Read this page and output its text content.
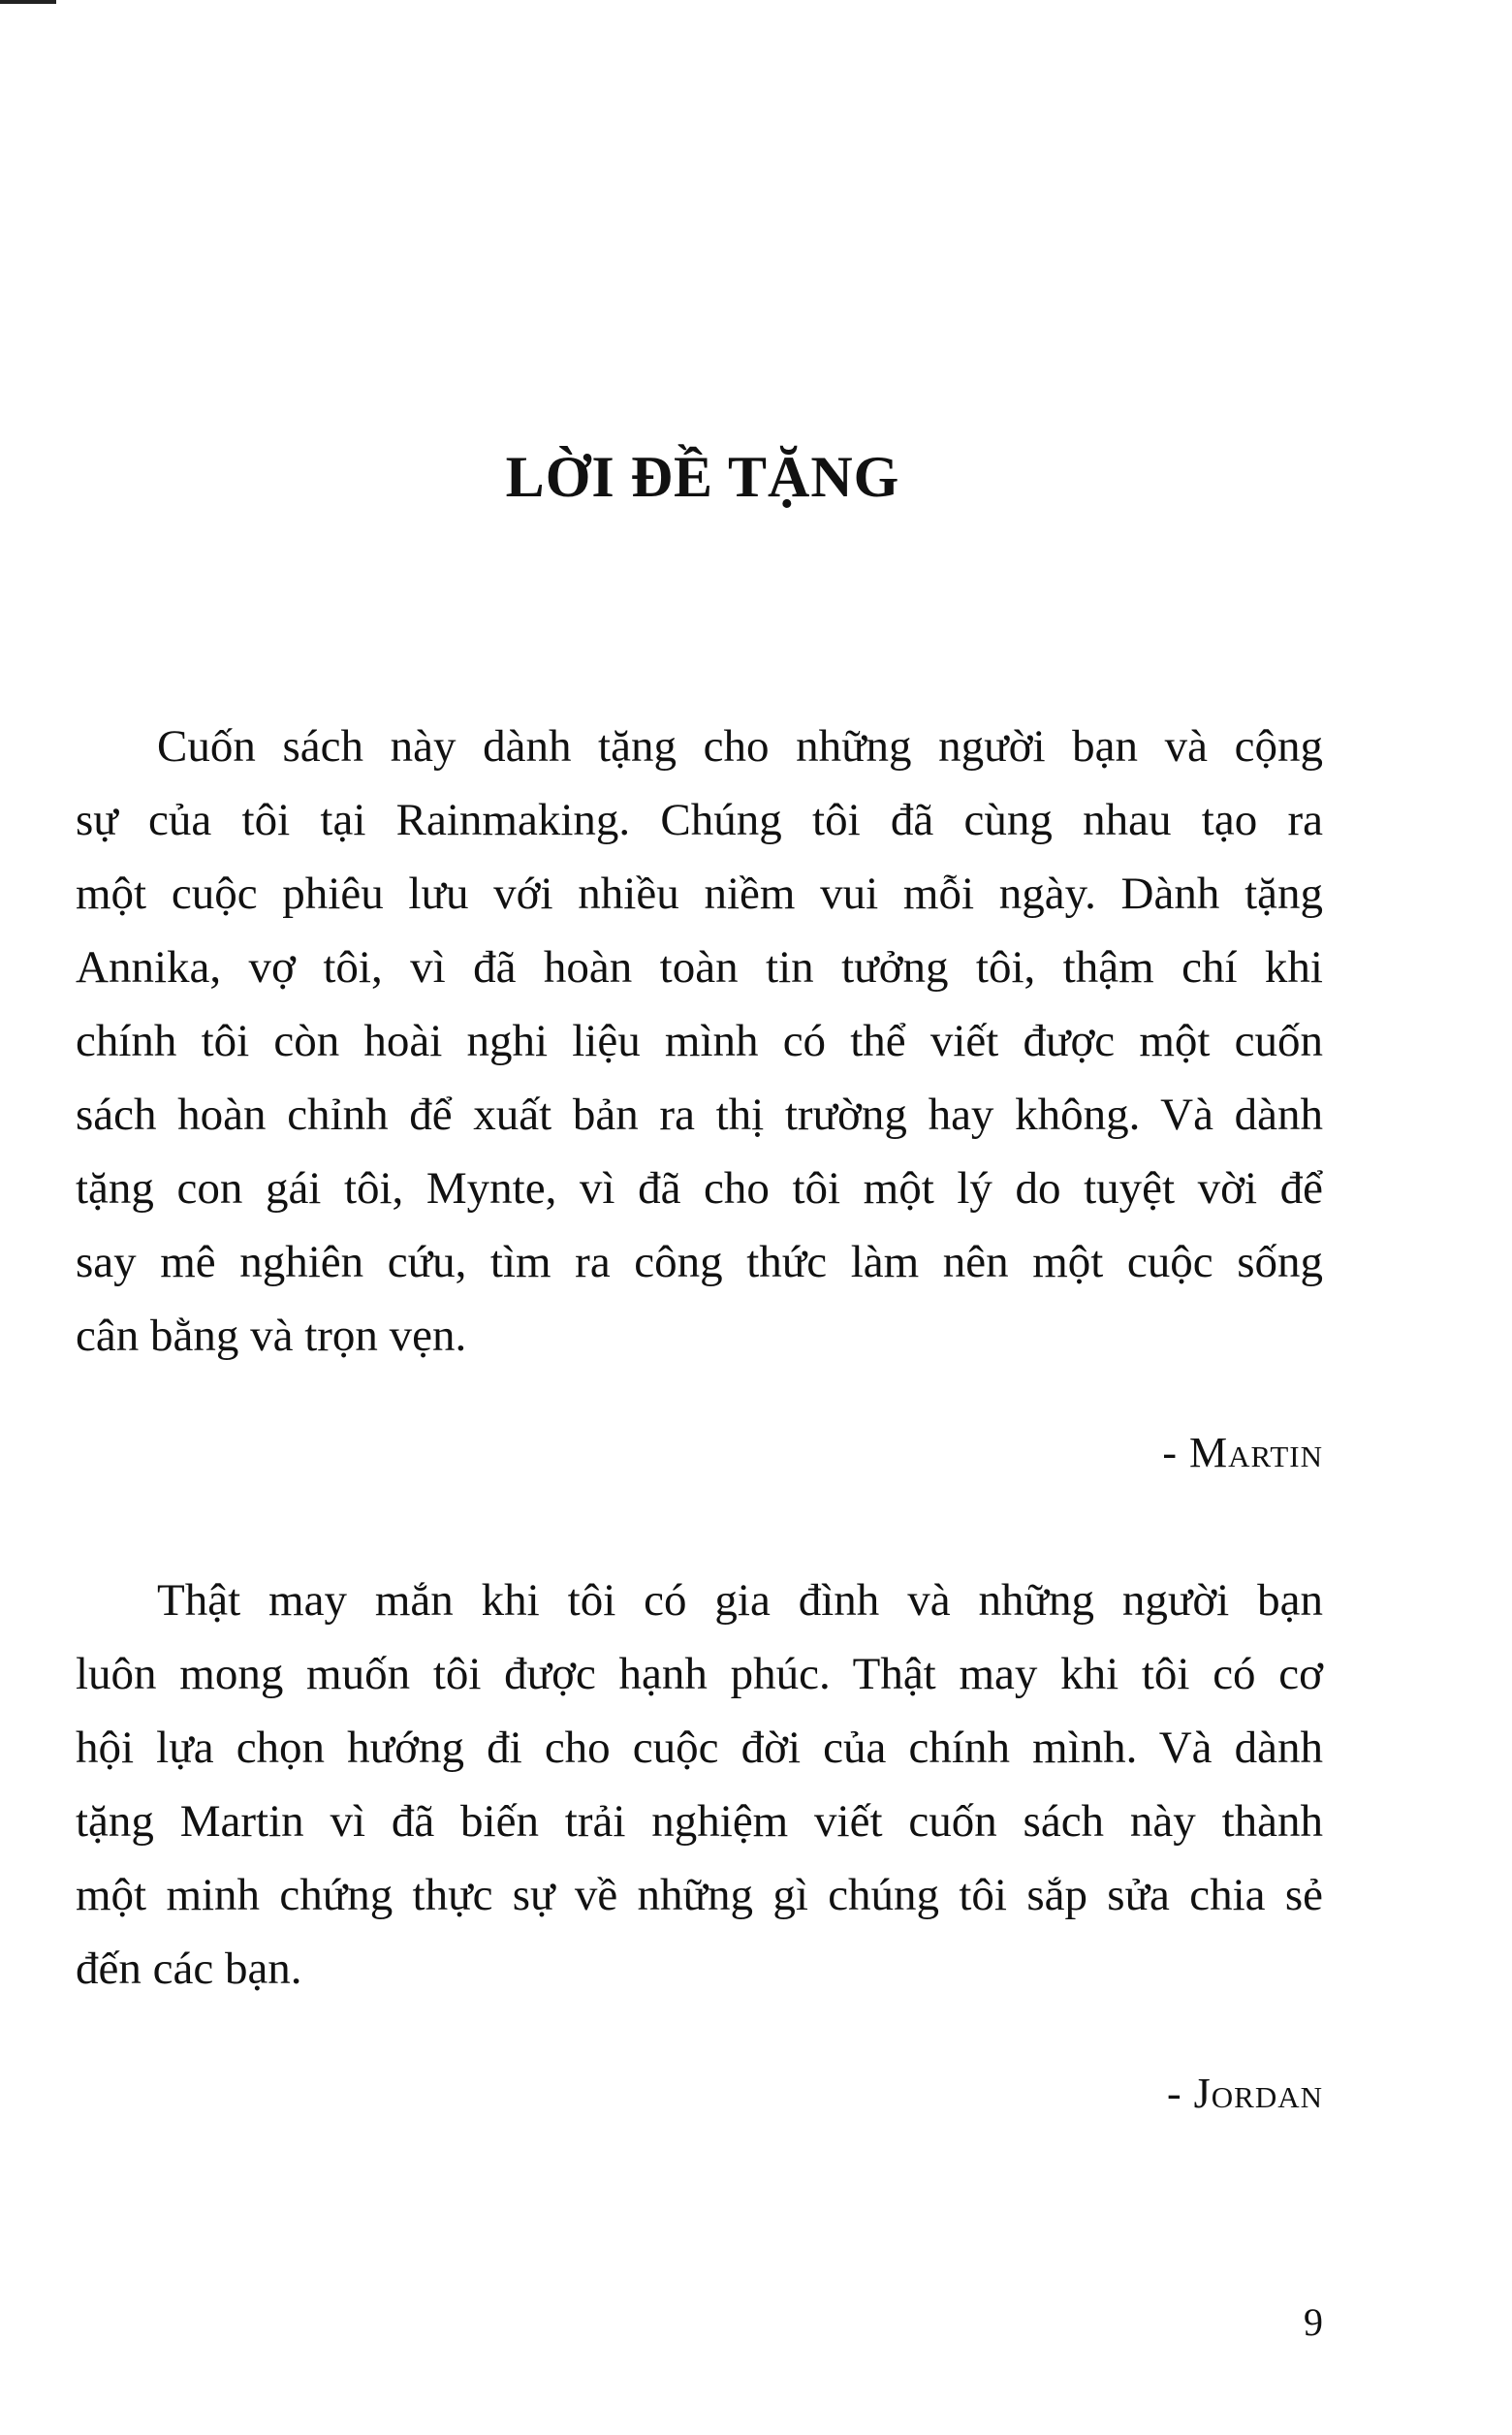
LỜI ĐỀ TẶNG

Cuốn sách này dành tặng cho những người bạn và cộng
sự của tôi tại Rainmaking. Chúng tôi đã cùng nhau tạo ra
một cuộc phiêu lưu với nhiều niềm vui mỗi ngày. Dành tặng
Annika, vợ tôi, vì đã hoàn toàn tin tưởng tôi, thậm chí khi
chính tôi còn hoài nghi liệu mình có thể viết được một cuốn
sách hoàn chỉnh để xuất bản ra thị trường hay không. Và dành
tặng con gái tôi, Mynte, vì đã cho tôi một lý do tuyệt vời để
say mê nghiên cứu, tìm ra công thức làm nên một cuộc sống
cân bằng và trọn vẹn.

- Martin

Thật may mắn khi tôi có gia đình và những người bạn
luôn mong muốn tôi được hạnh phúc. Thật may khi tôi có cơ
hội lựa chọn hướng đi cho cuộc đời của chính mình. Và dành
tặng Martin vì đã biến trải nghiệm viết cuốn sách này thành
một minh chứng thực sự về những gì chúng tôi sắp sửa chia sẻ
đến các bạn.

- Jordan

9
